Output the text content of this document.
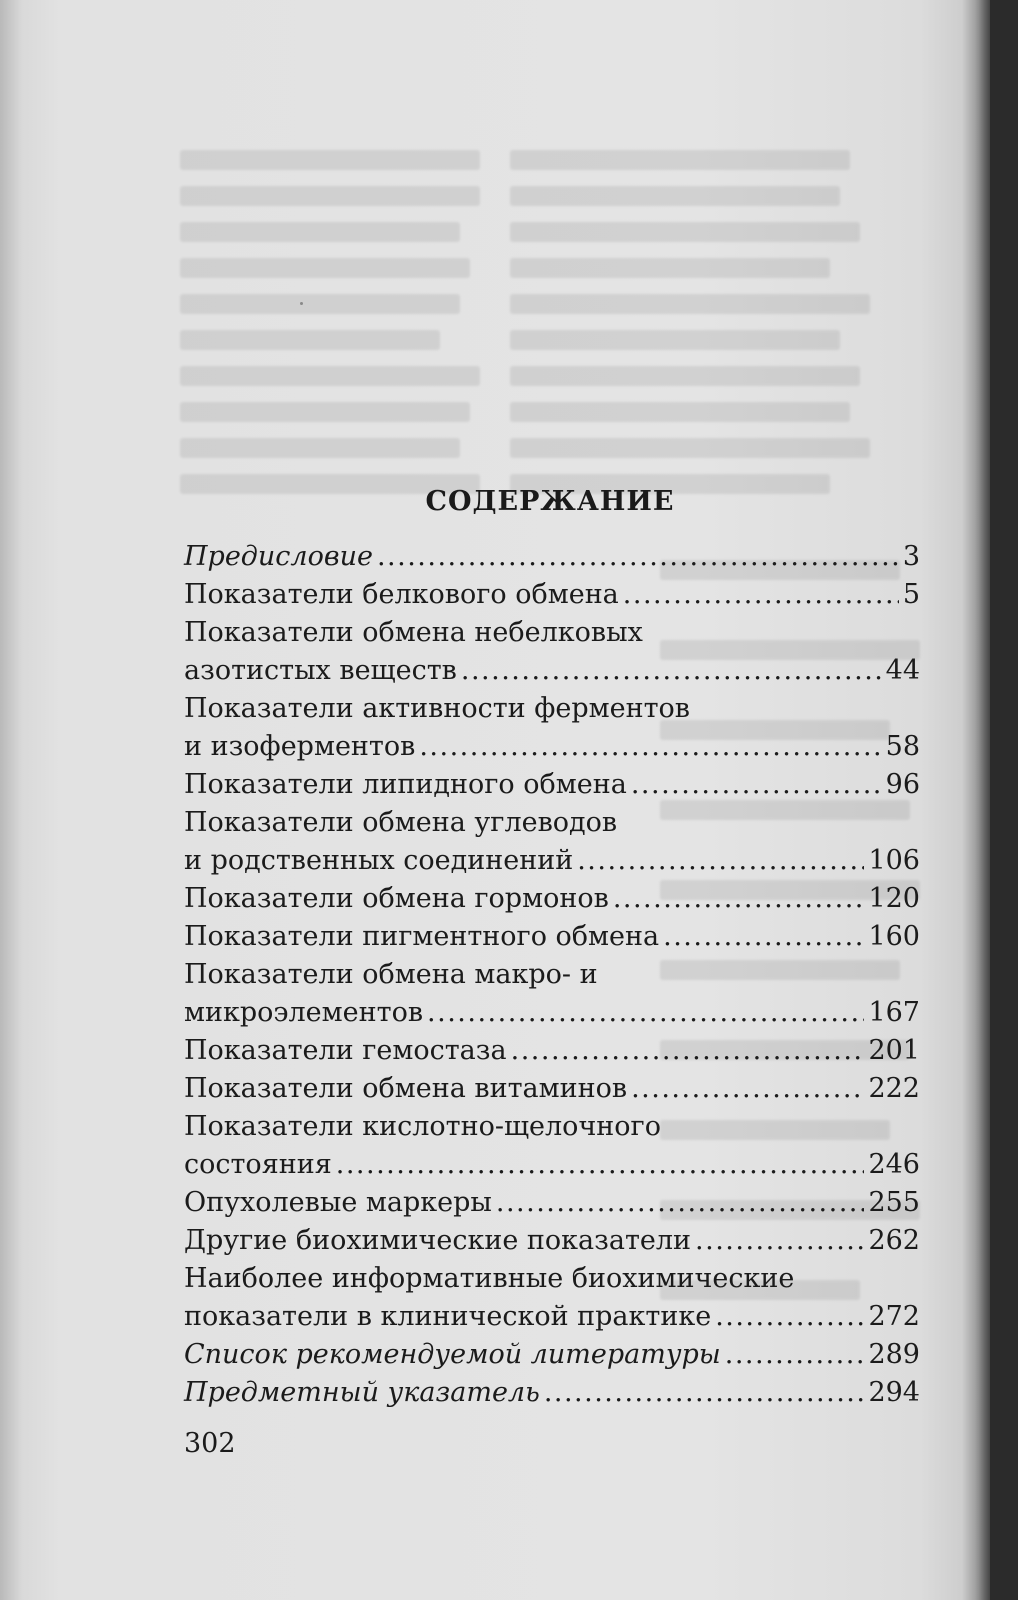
СОДЕРЖАНИЕ
Предисловие .....	3
Показатели белкового обмена .....	5
Показатели обмена небелковых
азотистых веществ .....	44
Показатели активности ферментов
и изоферментов .....	58
Показатели липидного обмена .....	96
Показатели обмена углеводов
и родственных соединений .....	106
Показатели обмена гормонов .....	120
Показатели пигментного обмена .....	160
Показатели обмена макро- и
микроэлементов .....	167
Показатели гемостаза .....	201
Показатели обмена витаминов .....	222
Показатели кислотно-щелочного
состояния .....	246
Опухолевые маркеры .....	255
Другие биохимические показатели .....	262
Наиболее информативные биохимические
показатели в клинической практике .....	272
Список рекомендуемой литературы .....	289
Предметный указатель .....	294
302
